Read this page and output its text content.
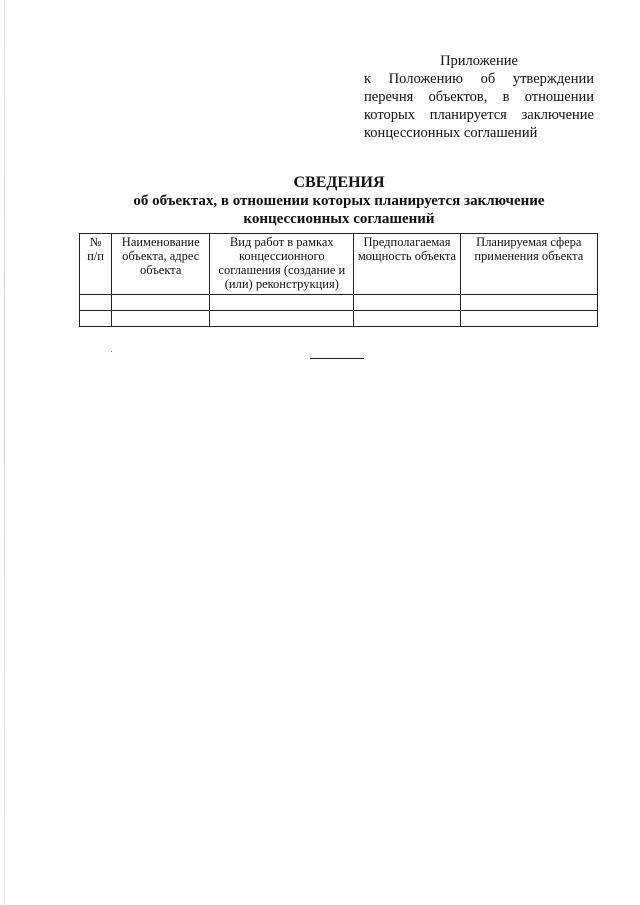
Приложение
к Положению об утверждении перечня объектов, в отношении которых планируется заключение концессионных соглашений
СВЕДЕНИЯ
об объектах, в отношении которых планируется заключение концессионных соглашений
№ п/п	Наименование объекта, адрес объекта	Вид работ в рамках концессионного соглашения (создание и (или) реконструкция)	Предполагаемая мощность объекта	Планируемая сфера применения объекта
